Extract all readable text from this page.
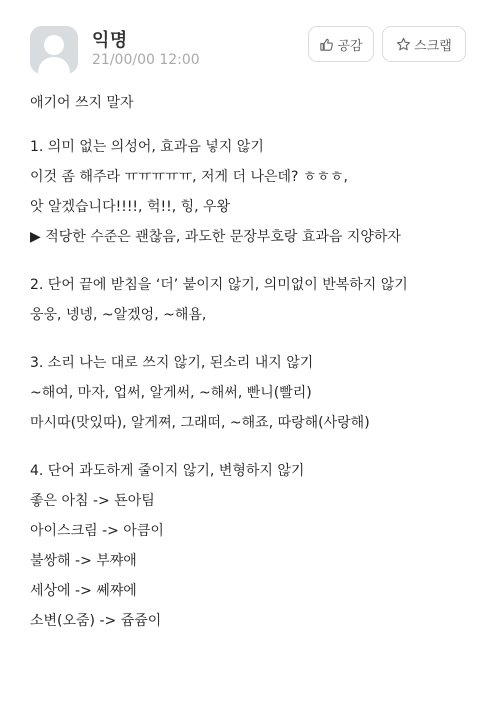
익명
21/00/00 12:00
공감	스크랩
애기어 쓰지 말자
1. 의미 없는 의성어, 효과음 넣지 않기
이것 좀 해주라 ㅠㅠㅠㅠㅠ, 저게 더 나은데? ㅎㅎㅎ,
앗 알겠습니다!!!!, 헉!!, 힝, 우왕
▶ 적당한 수준은 괜찮음, 과도한 문장부호랑 효과음 지양하자
2. 단어 끝에 받침을 ‘더’ 붙이지 않기, 의미없이 반복하지 않기
웅웅, 넹넹, ~알겠엉, ~해욤,
3. 소리 나는 대로 쓰지 않기, 된소리 내지 않기
~해여, 마자, 업써, 알게써, ~해써, 빤니(빨리)
마시따(맛있따), 알게쪄, 그래떠, ~해죠, 따랑해(사랑해)
4. 단어 과도하게 줄이지 않기, 변형하지 않기
좋은 아침 -> 됸아팀
아이스크림 -> 아큼이
불쌍해 -> 부쨔애
세상에 -> 쎼쨔에
소변(오줌) -> 쥼쥼이
